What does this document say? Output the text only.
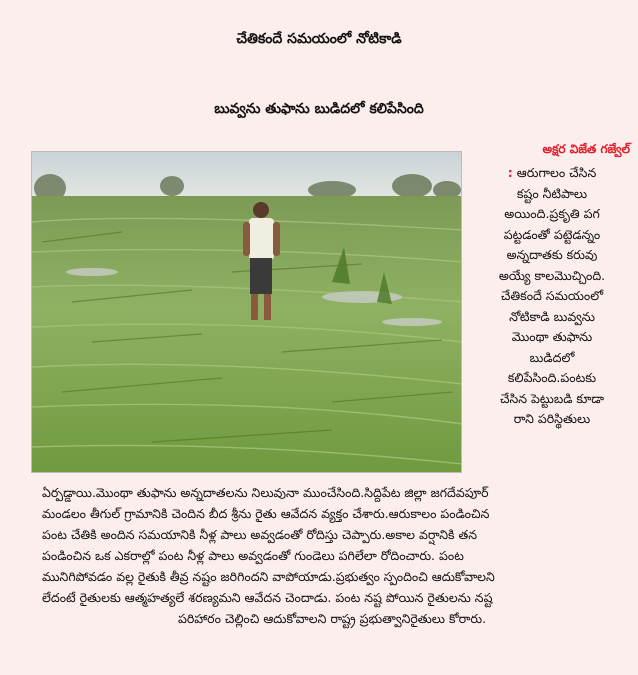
చేతికందే సమయంలో నోటికాడి
బువ్వను తుఫాను బుడిదలో కలిపేసింది
అక్షర విజేత గజ్వేల్
: ఆరుగాలం చేసిన
కష్టం నీటిపాలు
అయింది.ప్రకృతి పగ
పట్టడంతో పట్టెడన్నం
అన్నదాతకు కరువు
అయ్యే కాలమొచ్చింది.
చేతికందే సమయంలో
నోటికాడి బువ్వను
మొంథా తుఫాను
బుడిదలో
కలిపేసింది.పంటకు
చేసిన పెట్టుబడి కూడా
రాని పరిస్థితులు
ఏర్పడ్డాయి.మొంథా తుఫాను అన్నదాతలను నిలువునా ముంచేసింది.సిద్దిపేట జిల్లా జగదేవపూర్
మండలం తీగుల్ గ్రామానికి చెందిన బీద శ్రీను రైతు ఆవేదన వ్యక్తం చేశారు.ఆరుకాలం పండించిన
పంట చేతికి అందిన సమయానికి నీళ్ల పాలు అవ్వడంతో రోదిస్తు చెప్పారు.అకాల వర్షానికి తన
పండించిన ఒక ఎకరాల్లో పంట నీళ్ల పాలు అవ్వడంతో గుండెలు పగిలేలా రోదించారు. పంట
మునిగిపోవడం వల్ల రైతుకి తీవ్ర నష్టం జరిగిందని వాపోయాడు.ప్రభుత్వం స్పందించి ఆదుకోవాలని
లేదంటే రైతులకు ఆత్మహత్యలే శరణ్యమని ఆవేదన చెందాడు. పంట నష్ట పోయిన రైతులను నష్ట
పరిహారం చెల్లించి ఆదుకోవాలని రాష్ట్ర ప్రభుత్వానిరైతులు కోరారు.
